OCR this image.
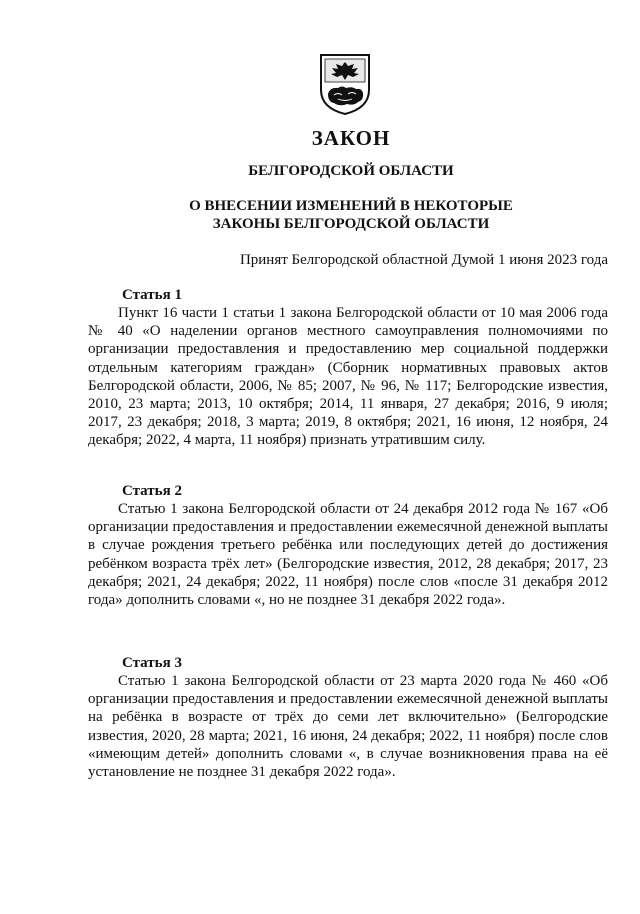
ЗАКОН

БЕЛГОРОДСКОЙ ОБЛАСТИ

О ВНЕСЕНИИ ИЗМЕНЕНИЙ В НЕКОТОРЫЕ

ЗАКОНЫ БЕЛГОРОДСКОЙ ОБЛАСТИ

Принят Белгородской областной Думой 1 июня 2023 года

Статья 1

Пункт 16 части 1 статьи 1 закона Белгородской области от 10 мая 2006 года № 40 «О наделении органов местного самоуправления полномочиями по организации предоставления и предоставлению мер социальной поддержки отдельным категориям граждан» (Сборник нормативных правовых актов Белгородской области, 2006, № 85; 2007, № 96, № 117; Белгородские известия, 2010, 23 марта; 2013, 10 октября; 2014, 11 января, 27 декабря; 2016, 9 июля; 2017, 23 декабря; 2018, 3 марта; 2019, 8 октября; 2021, 16 июня, 12 ноября, 24 декабря; 2022, 4 марта, 11 ноября) признать утратившим силу.

Статья 2

Статью 1 закона Белгородской области от 24 декабря 2012 года № 167 «Об организации предоставления и предоставлении ежемесячной денежной выплаты в случае рождения третьего ребёнка или последующих детей до достижения ребёнком возраста трёх лет» (Белгородские известия, 2012, 28 декабря; 2017, 23 декабря; 2021, 24 декабря; 2022, 11 ноября) после слов «после 31 декабря 2012 года» дополнить словами «, но не позднее 31 декабря 2022 года».

Статья 3

Статью 1 закона Белгородской области от 23 марта 2020 года № 460 «Об организации предоставления и предоставлении ежемесячной денежной выплаты на ребёнка в возрасте от трёх до семи лет включительно» (Белгородские известия, 2020, 28 марта; 2021, 16 июня, 24 декабря; 2022, 11 ноября) после слов «имеющим детей» дополнить словами «, в случае возникновения права на её установление не позднее 31 декабря 2022 года».
